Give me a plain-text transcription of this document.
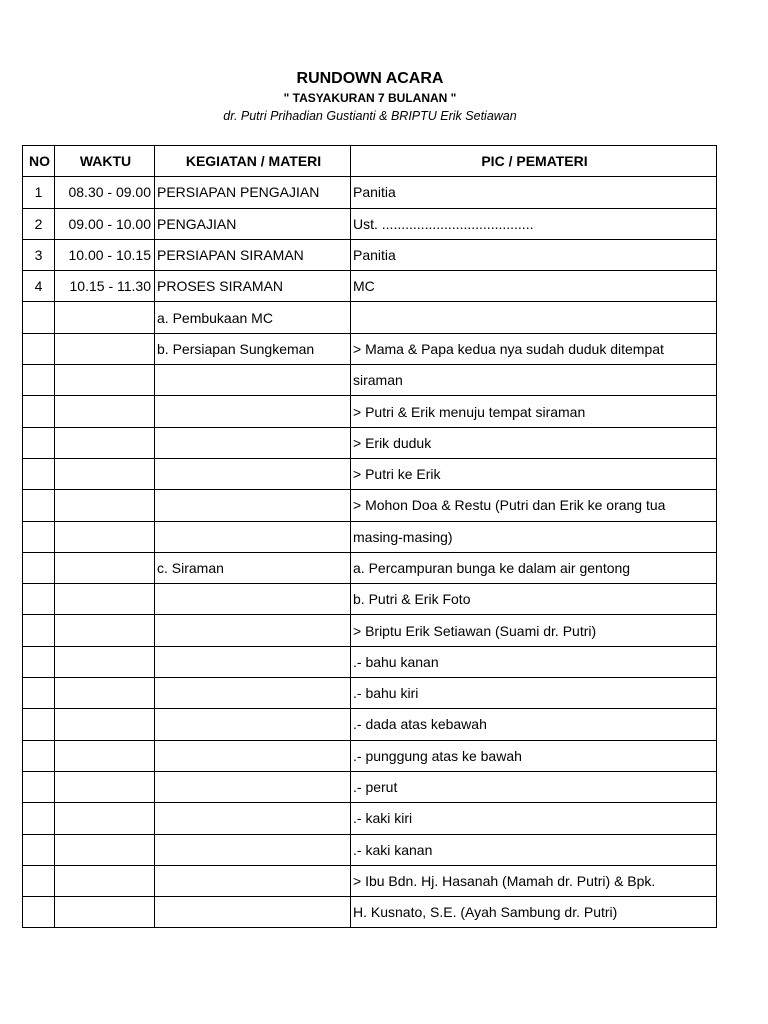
RUNDOWN ACARA
" TASYAKURAN 7 BULANAN "
dr. Putri Prihadian Gustianti & BRIPTU Erik Setiawan
NO	WAKTU	KEGIATAN / MATERI	PIC / PEMATERI
1	08.30 - 09.00	PERSIAPAN PENGAJIAN	Panitia
2	09.00 - 10.00	PENGAJIAN	Ust. .......................................
3	10.00 - 10.15	PERSIAPAN SIRAMAN	Panitia
4	10.15 - 11.30	PROSES SIRAMAN	MC
		a. Pembukaan MC	
		b. Persiapan Sungkeman	> Mama & Papa kedua nya sudah duduk ditempat
			siraman
			> Putri & Erik menuju tempat siraman
			> Erik duduk
			> Putri ke Erik
			> Mohon Doa & Restu (Putri dan Erik ke orang tua
			masing-masing)
		c. Siraman	a. Percampuran bunga ke dalam air gentong
			b. Putri & Erik Foto
			> Briptu Erik Setiawan (Suami dr. Putri)
			.- bahu kanan
			.- bahu kiri
			.- dada atas kebawah
			.- punggung atas ke bawah
			.- perut
			.- kaki kiri
			.- kaki kanan
			> Ibu Bdn. Hj. Hasanah (Mamah dr. Putri) & Bpk.
			H. Kusnato, S.E. (Ayah Sambung dr. Putri)
